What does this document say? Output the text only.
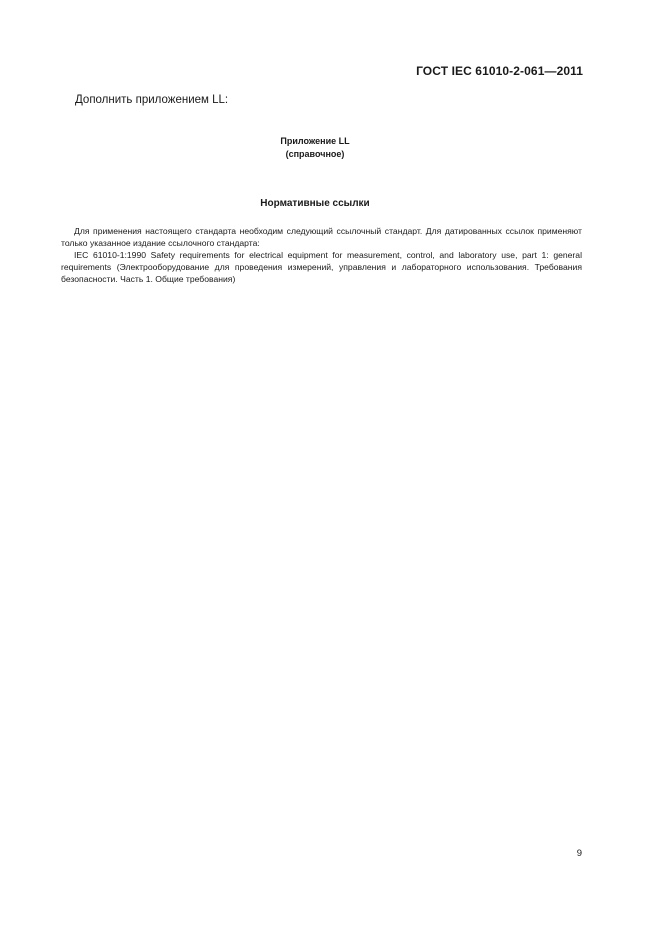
ГОСТ IEC 61010-2-061—2011
Дополнить приложением LL:
Приложение LL
(справочное)
Нормативные ссылки

Для применения настоящего стандарта необходим следующий ссылочный стандарт. Для датированных ссылок применяют только указанное издание ссылочного стандарта:

IEC 61010-1:1990 Safety requirements for electrical equipment for measurement, control, and laboratory use, part 1: general requirements (Электрооборудование для проведения измерений, управления и лабораторного использования. Требования безопасности. Часть 1. Общие требования)

9
